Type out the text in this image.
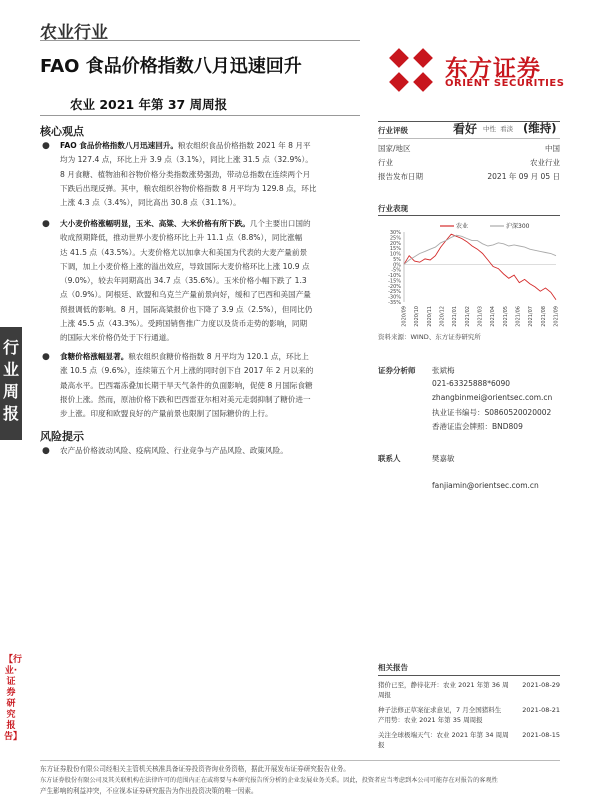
农业行业
FAO 食品价格指数八月迅速回升
农业 2021 年第 37 周周报
东方证券
ORIENT SECURITIES
行业周报
【行业·证券研究报告】
核心观点
● FAO 食品价格指数八月迅速回升。粮农组织食品价格指数 2021 年 8 月平
均为 127.4 点，环比上升 3.9 点（3.1%），同比上涨 31.5 点（32.9%）。
8 月食糖、植物油和谷物价格分类指数涨势强劲，带动总指数在连续两个月
下跌后出现反弹。其中，粮农组织谷物价格指数 8 月平均为 129.8 点，环比
上涨 4.3 点（3.4%），同比高出 30.8 点（31.1%）。
● 大小麦价格涨幅明显，玉米、高粱、大米价格有所下跌。几个主要出口国的
收成预期降低，推动世界小麦价格环比上升 11.1 点（8.8%），同比涨幅
达 41.5 点（43.5%）。大麦价格尤以加拿大和美国为代表的大麦产量前景
下调，加上小麦价格上涨的溢出效应，导致国际大麦价格环比上涨 10.9 点
（9.0%），较去年同期高出 34.7 点（35.6%）。玉米价格小幅下跌了 1.3
点（0.9%）。阿根廷、欧盟和乌克兰产量前景向好，缓和了巴西和美国产量
预报调低的影响。8 月，国际高粱报价也下降了 3.9 点（2.5%），但同比仍
上涨 45.5 点（43.3%）。受跨国销售推广力度以及货币走势的影响，同期
的国际大米价格仍处于下行通道。
● 食糖价格涨幅显著。粮农组织食糖价格指数 8 月平均为 120.1 点，环比上
涨 10.5 点（9.6%），连续第五个月上涨的同时创下自 2017 年 2 月以来的
最高水平。巴西霜冻叠加长期干旱天气条件的负面影响，促使 8 月国际食糖
报价上涨。然而，原油价格下跌和巴西雷亚尔相对美元走弱抑制了糖价进一
步上涨。印度和欧盟良好的产量前景也限制了国际糖价的上行。
风险提示
● 农产品价格波动风险、疫病风险、行业竞争与产品风险、政策风险。
行业评级	看好 中性  看淡 (维持)
国家/地区	中国
行业	农业行业
报告发布日期	2021 年 09 月 05 日
行业表现
30%
25%
20%
15%
10%
5%
0%
-5%
-10%
-15%
-20%
-25%
-30%
-35%
2020/09 2020/10 2020/11 2020/12 2021/01 2021/02 2021/03 2021/04 2021/05 2021/06 2021/07 2021/08 2021/09
农业	沪深300
资料来源：WIND、东方证券研究所
证券分析师 张斌梅
021-63325888*6090
zhangbinmei@orientsec.com.cn
执业证书编号：S0860520020002
香港证监会牌照：BND809
联系人	樊嘉敏
fanjiamin@orientsec.com.cn
相关报告
猪价已至，静待花开：农业 2021 年第 36 周
周报
2021-08-29
种子法修正草案征求意见，7 月全国猪料生
产用势：农业 2021 年第 35 周周报
2021-08-21
关注全球极端天气：农业 2021 年第 34 周周
报
2021-08-15
东方证券股份有限公司经相关主管机关核准具备证券投资咨询业务资格，据此开展发布证券研究报告业务。
东方证券股份有限公司及其关联机构在法律许可的范围内正在或将要与本研究报告所分析的企业发展业务关系。因此，投资者应当考虑到本公司可能存在对报告的客观性
产生影响的利益冲突，不应视本证券研究报告为作出投资决策的唯一因素。
